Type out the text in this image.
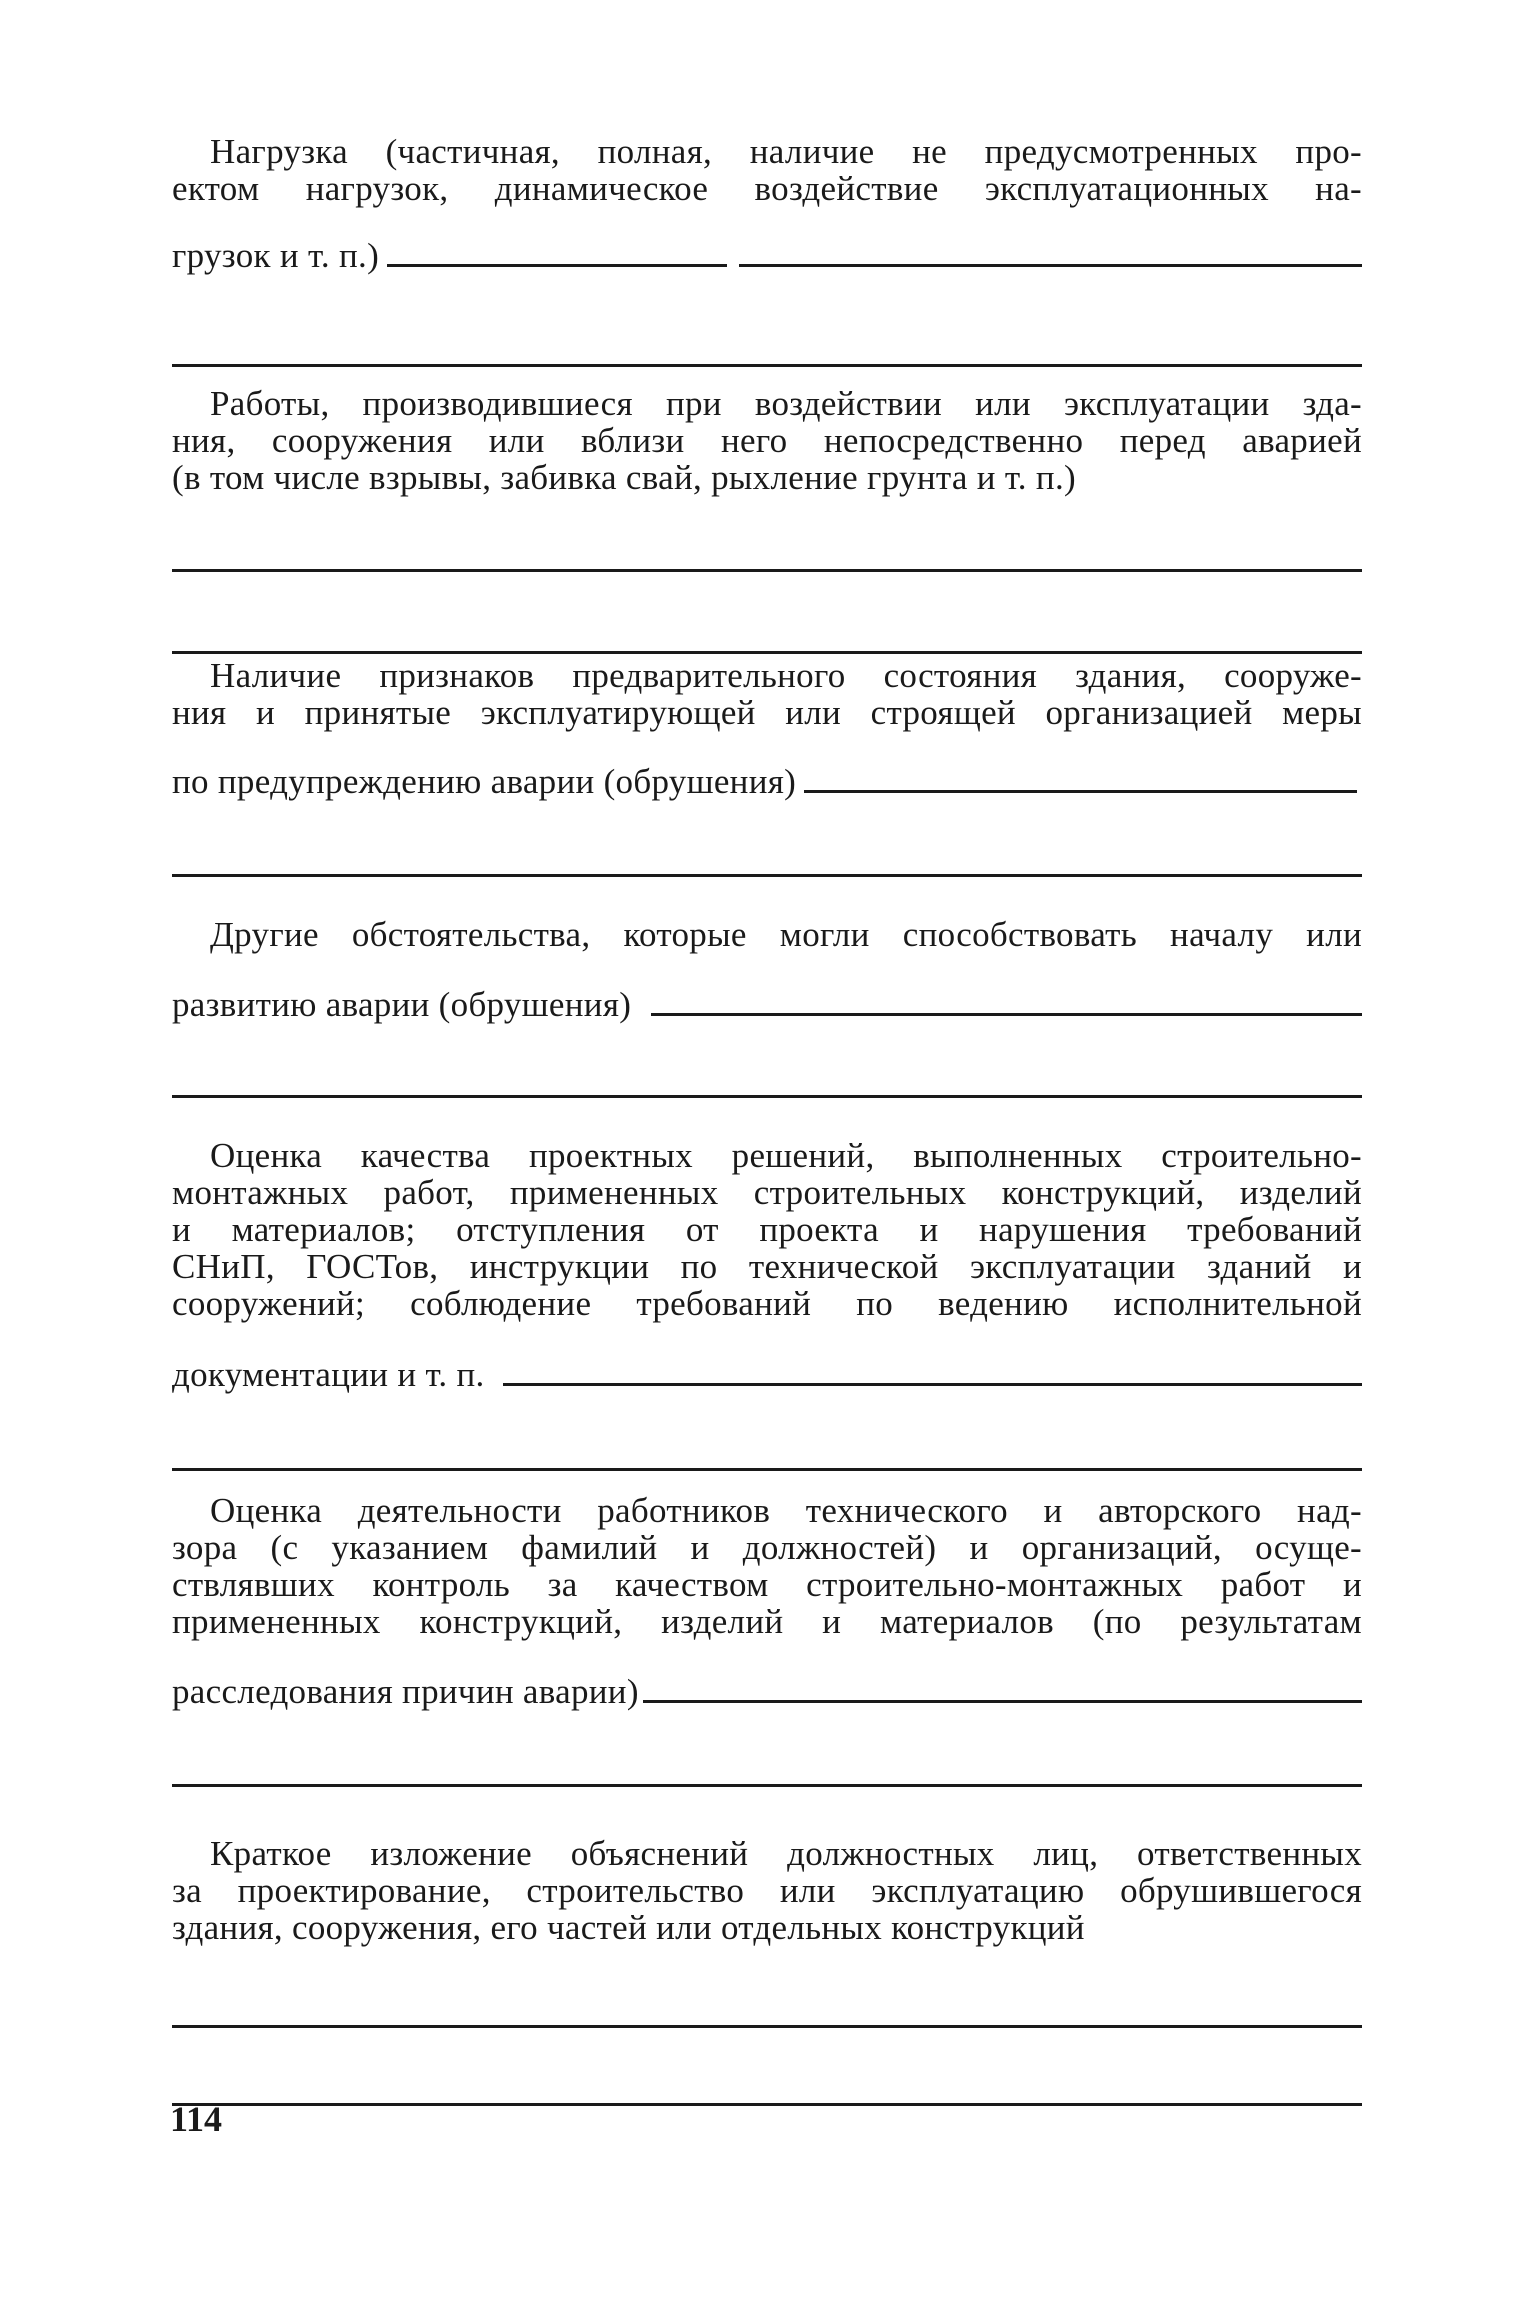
Нагрузка (частичная, полная, наличие не предусмотренных про-
ектом нагрузок, динамическое воздействие эксплуатационных на-
грузок и т. п.)
Работы, производившиеся при воздействии или эксплуатации зда-
ния, сооружения или вблизи него непосредственно перед аварией
(в том числе взрывы, забивка свай, рыхление грунта и т. п.)
Наличие признаков предварительного состояния здания, сооруже-
ния и принятые эксплуатирующей или строящей организацией меры
по предупреждению аварии (обрушения)
Другие обстоятельства, которые могли способствовать началу или
развитию аварии (обрушения)
Оценка качества проектных решений, выполненных строительно-
монтажных работ, примененных строительных конструкций, изделий
и материалов; отступления от проекта и нарушения требований
СНиП, ГОСТов, инструкции по технической эксплуатации зданий и
сооружений; соблюдение требований по ведению исполнительной
документации и т. п.
Оценка деятельности работников технического и авторского над-
зора (с указанием фамилий и должностей) и организаций, осуще-
ствлявших контроль за качеством строительно-монтажных работ и
примененных конструкций, изделий и материалов (по результатам
расследования причин аварии)
Краткое изложение объяснений должностных лиц, ответственных
за проектирование, строительство или эксплуатацию обрушившегося
здания, сооружения, его частей или отдельных конструкций
114
